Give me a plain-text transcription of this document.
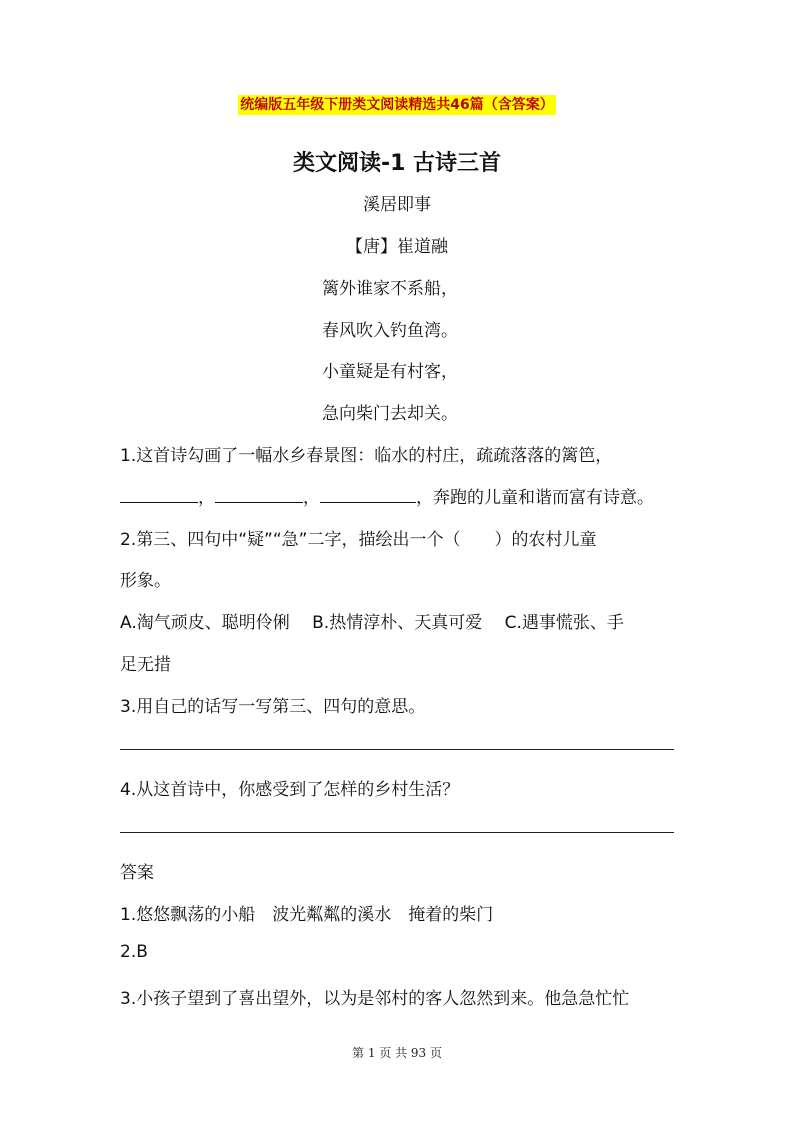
统编版五年级下册类文阅读精选共46篇（含答案）
类文阅读-1 古诗三首
溪居即事
【唐】崔道融
篱外谁家不系船，
春风吹入钓鱼湾。
小童疑是有村客，
急向柴门去却关。
1.这首诗勾画了一幅水乡春景图：临水的村庄，疏疏落落的篱笆，
，	，	，奔跑的儿童和谐而富有诗意。
2.第三、四句中“疑”“急”二字，描绘出一个（　　）的农村儿童
形象。
A.淘气顽皮、聪明伶俐　 B.热情淳朴、天真可爱　 C.遇事慌张、手
足无措
3.用自己的话写一写第三、四句的意思。
4.从这首诗中，你感受到了怎样的乡村生活？
答案
1.悠悠飘荡的小船　波光粼粼的溪水　掩着的柴门
2.B
3.小孩子望到了喜出望外，以为是邻村的客人忽然到来。他急急忙忙
第 1 页 共 93 页
